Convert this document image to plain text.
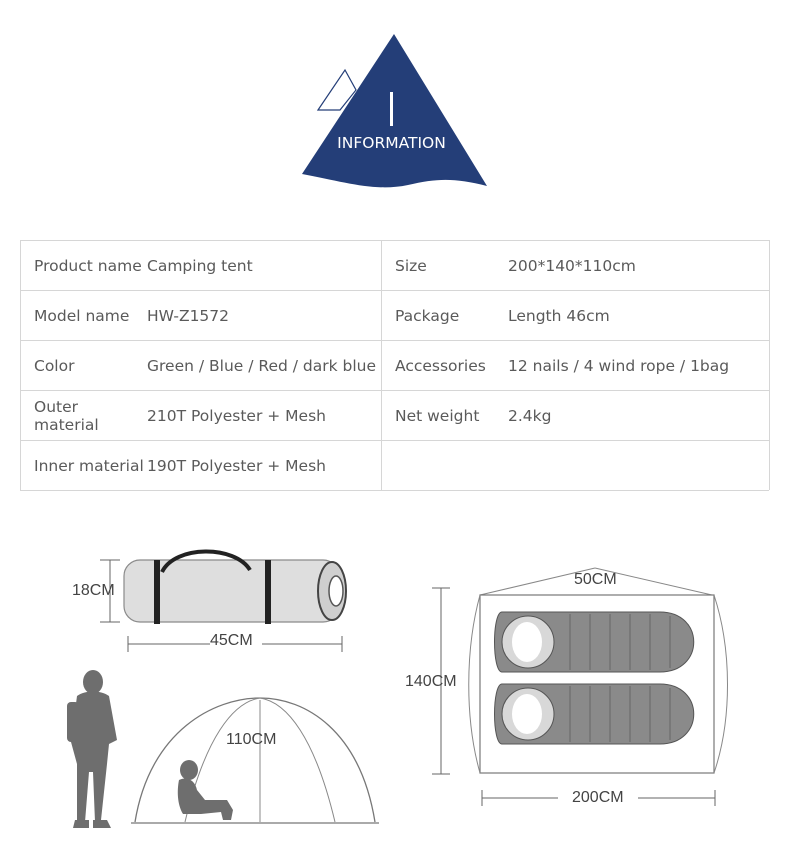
INFORMATION
Product name	Camping tent	Size	200*140*110cm
Model name	HW-Z1572	Package	Length 46cm
Color	Green / Blue / Red / dark blue	Accessories	12 nails / 4 wind rope / 1bag
Outer material	210T Polyester + Mesh	Net weight	2.4kg
Inner material	190T Polyester + Mesh		
18CM
45CM
110CM
50CM
140CM
200CM
